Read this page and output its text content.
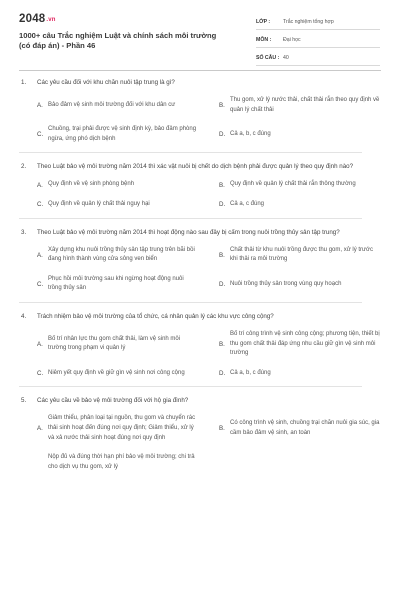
2048.vn
1000+ câu Trắc nghiệm Luật và chính sách môi trường (có đáp án) - Phần 46
LỚP :	Trắc nghiệm tổng hợp
MÔN :	Đại học
SỐ CÂU : 40
1.	Các yêu cầu đối với khu chăn nuôi tập trung là gì?
A. Bảo đảm vệ sinh môi trường đối với khu dân cư	B.
Thu gom, xử lý nước thải, chất thải rắn theo quy định về quản lý chất thải
C.
Chuồng, trại phải được vệ sinh định kỳ, bảo đảm phòng ngừa, ứng phó dịch bệnh
D. Cả a, b, c đúng
2.	Theo Luật bảo vệ môi trường năm 2014 thì xác vật nuôi bị chết do dịch bệnh phải được quản lý theo quy định nào?
A. Quy định về vệ sinh phòng bệnh	B. Quy định về quản lý chất thải rắn thông thường
C. Quy định về quản lý chất thải nguy hại	D. Cả a, c đúng
3.	Theo Luật bảo vệ môi trường năm 2014 thì hoạt động nào sau đây bị cấm trong nuôi trồng thủy sản tập trung?
A.
Xây dựng khu nuôi trồng thủy sản tập trung trên bãi bồi đang hình thành vùng cửa sông ven biển
B.
Chất thải từ khu nuôi trồng được thu gom, xử lý trước khi thải ra môi trường
C.
Phục hồi môi trường sau khi ngừng hoạt động nuôi trồng thủy sản
D. Nuôi trồng thủy sản trong vùng quy hoạch
4.	Trách nhiệm bảo vệ môi trường của tổ chức, cá nhân quản lý các khu vực công cộng?
A.
Bố trí nhân lực thu gom chất thải, làm vệ sinh môi trường trong phạm vi quản lý
B.
Bố trí công trình vệ sinh công cộng; phương tiện, thiết bị thu gom chất thải đáp ứng nhu cầu giữ gìn vệ sinh môi trường
C. Niêm yết quy định về giữ gìn vệ sinh nơi công cộng	D. Cả a, b, c đúng
5.	Các yêu cầu về bảo vệ môi trường đối với hộ gia đình?
A.
Giảm thiểu, phân loại tại nguồn, thu gom và chuyển rác thải sinh hoạt đến đúng nơi quy định; Giảm thiểu, xử lý và xả nước thải sinh hoạt đúng nơi quy định
B.
Có công trình vệ sinh, chuồng trại chăn nuôi gia súc, gia cầm bảo đảm vệ sinh, an toàn
Nộp đủ và đúng thời hạn phí bảo vệ môi trường; chi trả cho dịch vụ thu gom, xử lý
